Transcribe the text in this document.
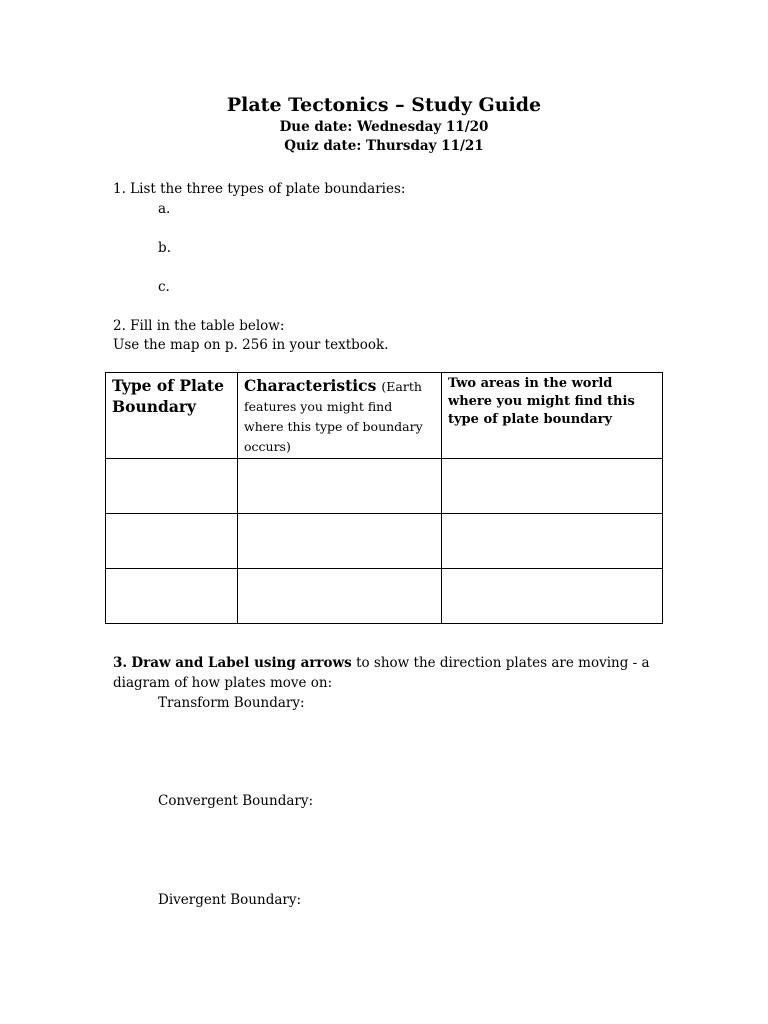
Plate Tectonics – Study Guide
Due date: Wednesday 11/20
Quiz date: Thursday 11/21
1. List the three types of plate boundaries:
a.
b.
c.
2. Fill in the table below:
Use the map on p. 256 in your textbook.
Type of Plate Boundary	Characteristics (Earth features you might find where this type of boundary occurs)	Two areas in the world where you might find this type of plate boundary

3. Draw and Label using arrows to show the direction plates are moving - a
diagram of how plates move on:
Transform Boundary:
Convergent Boundary:
Divergent Boundary:
